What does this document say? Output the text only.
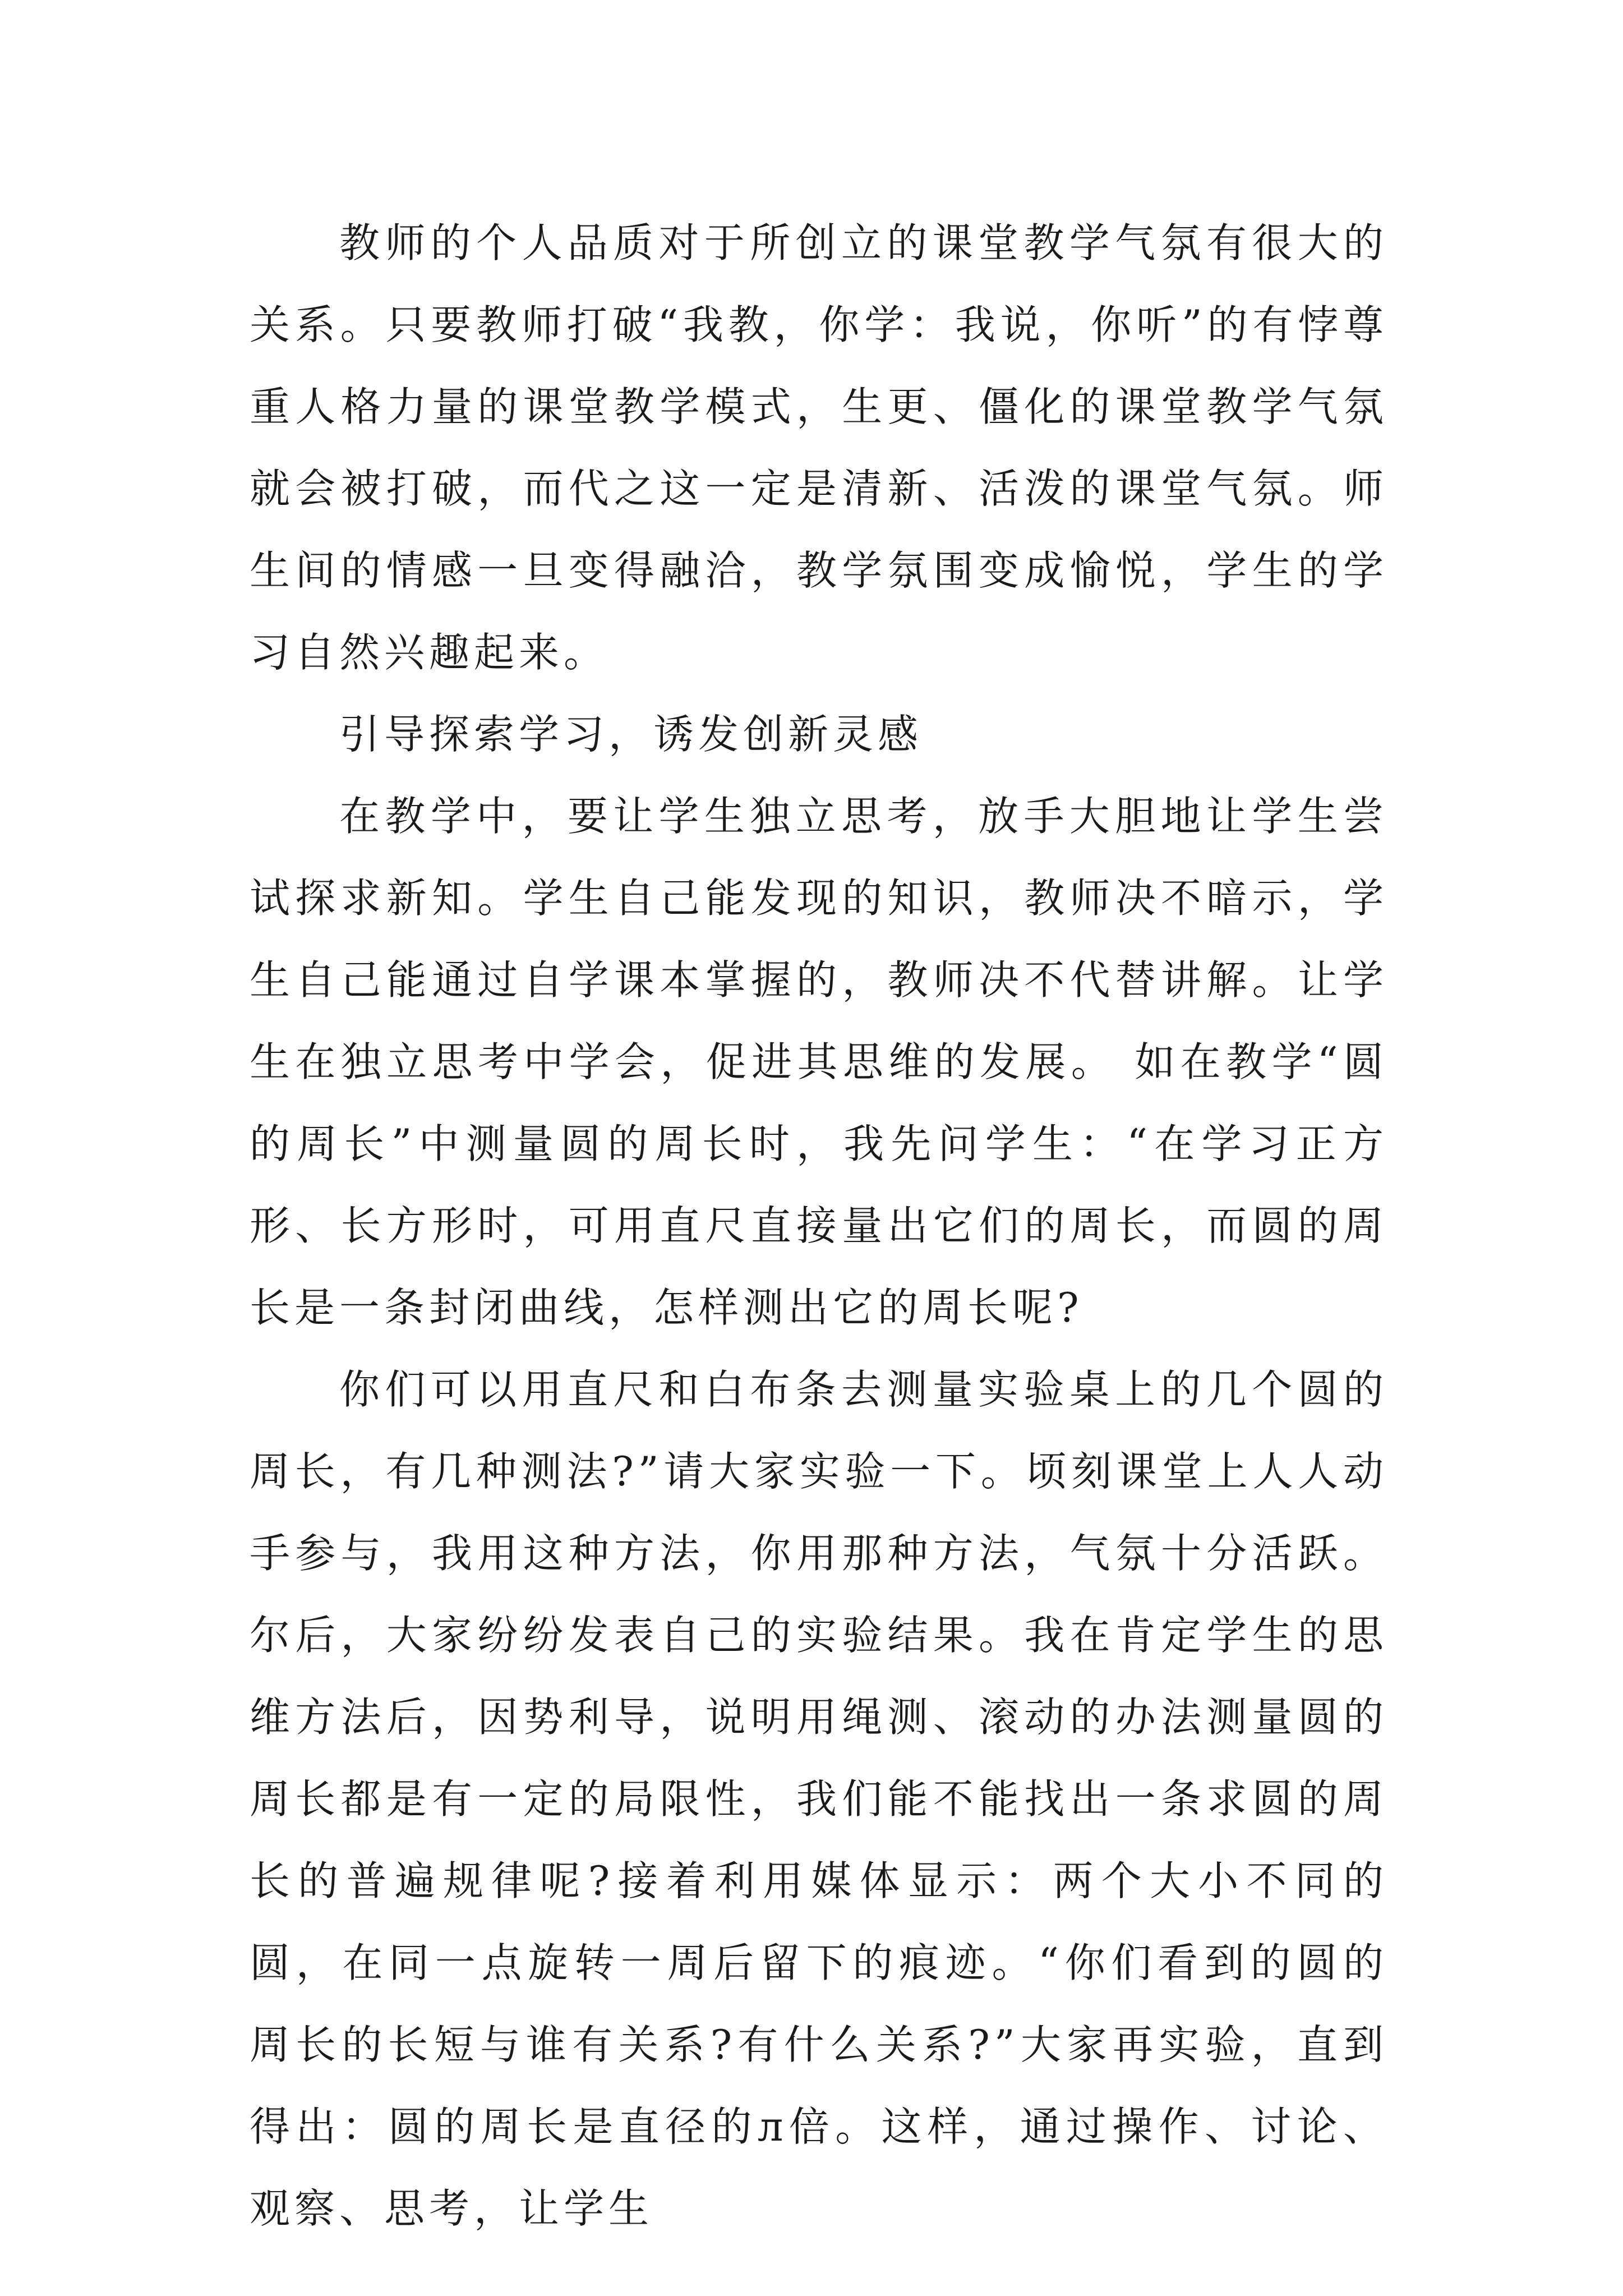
教师的个人品质对于所创立的课堂教学气氛有很大的关系。只要教师打破“我教，你学：我说，你听”的有悖尊重人格力量的课堂教学模式，生更、僵化的课堂教学气氛就会被打破，而代之这一定是清新、活泼的课堂气氛。师生间的情感一旦变得融洽，教学氛围变成愉悦，学生的学习自然兴趣起来。

引导探索学习，诱发创新灵感

在教学中，要让学生独立思考，放手大胆地让学生尝试探求新知。学生自己能发现的知识，教师决不暗示，学生自己能通过自学课本掌握的，教师决不代替讲解。让学生在独立思考中学会，促进其思维的发展。 如在教学“圆的周长”中测量圆的周长时，我先问学生：“在学习正方形、长方形时，可用直尺直接量出它们的周长，而圆的周长是一条封闭曲线，怎样测出它的周长呢?

你们可以用直尺和白布条去测量实验桌上的几个圆的周长，有几种测法?”请大家实验一下。顷刻课堂上人人动手参与，我用这种方法，你用那种方法，气氛十分活跃。尔后，大家纷纷发表自己的实验结果。我在肯定学生的思维方法后，因势利导，说明用绳测、滚动的办法测量圆的周长都是有一定的局限性，我们能不能找出一条求圆的周长的普遍规律呢?接着利用媒体显示：两个大小不同的圆，在同一点旋转一周后留下的痕迹。“你们看到的圆的周长的长短与谁有关系?有什么关系?”大家再实验，直到得出：圆的周长是直径的л倍。这样，通过操作、讨论、观察、思考，让学生
